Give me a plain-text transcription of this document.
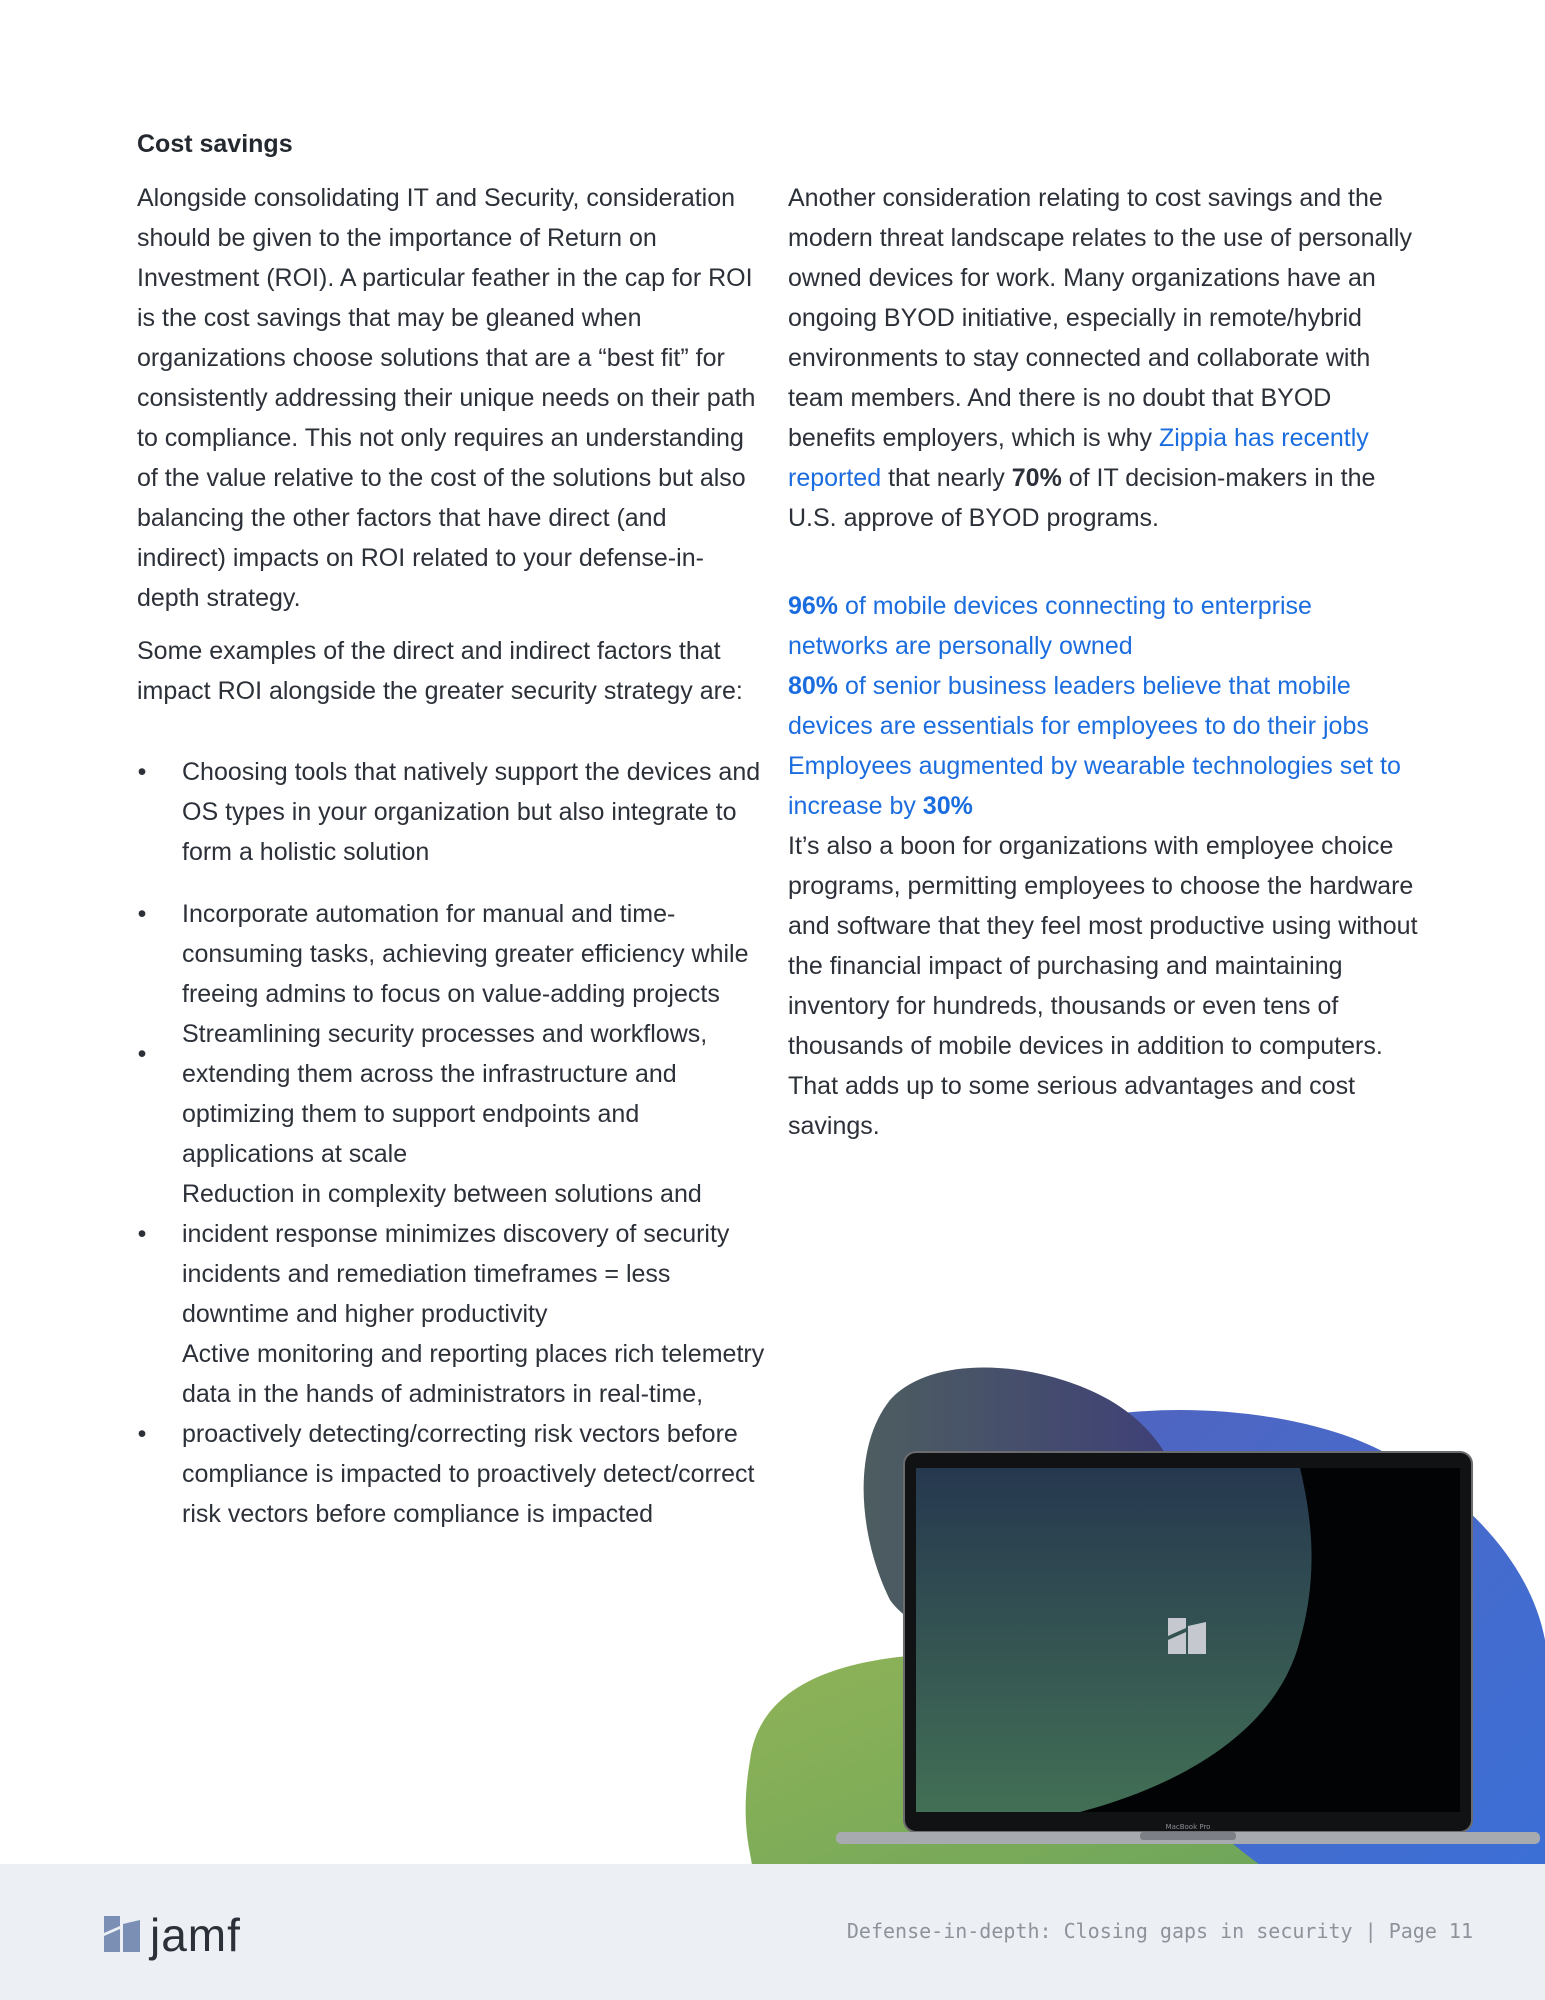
Cost savings

Alongside consolidating IT and Security, consideration should be given to the importance of Return on Investment (ROI). A particular feather in the cap for ROI is the cost savings that may be gleaned when organizations choose solutions that are a “best fit” for consistently addressing their unique needs on their path to compliance. This not only requires an understanding of the value relative to the cost of the solutions but also balancing the other factors that have direct (and indirect) impacts on ROI related to your defense-in-depth strategy.

Some examples of the direct and indirect factors that impact ROI alongside the greater security strategy are:

• Choosing tools that natively support the devices and OS types in your organization but also integrate to form a holistic solution
• Incorporate automation for manual and time-consuming tasks, achieving greater efficiency while freeing admins to focus on value-adding projects
•
Streamlining security processes and workflows, extending them across the infrastructure and optimizing them to support endpoints and applications at scale
•
Reduction in complexity between solutions and incident response minimizes discovery of security incidents and remediation timeframes = less downtime and higher productivity
•
Active monitoring and reporting places rich telemetry data in the hands of administrators in real-time, proactively detecting/correcting risk vectors before compliance is impacted to proactively detect/correct risk vectors before compliance is impacted

Another consideration relating to cost savings and the modern threat landscape relates to the use of personally owned devices for work. Many organizations have an ongoing BYOD initiative, especially in remote/hybrid environments to stay connected and collaborate with team members. And there is no doubt that BYOD benefits employers, which is why Zippia has recently reported that nearly 70% of IT decision-makers in the U.S. approve of BYOD programs.

96% of mobile devices connecting to enterprise networks are personally owned
80% of senior business leaders believe that mobile devices are essentials for employees to do their jobs
Employees augmented by wearable technologies set to increase by 30%

It’s also a boon for organizations with employee choice programs, permitting employees to choose the hardware and software that they feel most productive using without the financial impact of purchasing and maintaining inventory for hundreds, thousands or even tens of thousands of mobile devices in addition to computers. That adds up to some serious advantages and cost savings.

MacBook Pro
jamf	Defense-in-depth: Closing gaps in security | Page 11
